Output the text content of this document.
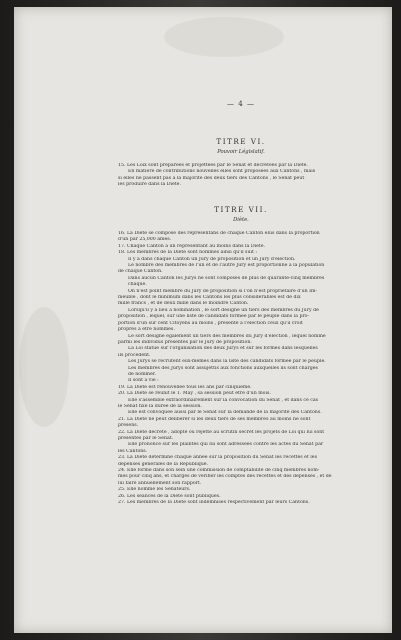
— 4 —
TITRE VI.
Pouvoir Législatif.
15. Les Loix sont préparées et projettées par le Sénat et décrétées par la Diète.
En matière de contributions nouvelles elles sont proposées aux Cantons , mais
si elles ne passent pas à la majorité des deux tiers des Cantons , le Sénat peut
les produire dans la Diète.
TITRE VII.
Diète.
16. La Diète se compose des représentans de chaque Canton élus dans la proportion
d'un par 25,000 ames.
17. Chaque Canton a un représentant au moins dans la Diète.
18. Les membres de la Diète sont nommés ainsi qu'il suit :
Il y a dans chaque Canton un Jury de proposition et un Jury d'élection.
Le nombre des membres de l'un et de l'autre Jury est proportionné à la population
de chaque Canton.
Dans aucun Canton les Jurys ne sont composés de plus de quarante-cinq membres
chaque.
On n'est point membre du Jury de proposition si l'on n'est propriétaire d'un Im-
meuble , dont le minimum dans les Cantons les plus considérables est de dix
mille francs , et de deux mille dans le moindre Canton.
Lorsqu'il y a lieu à nomination , le sort désigne un tiers des membres du Jury de
proposition , lequel, sur une liste de candidats formée par le peuple dans la pro-
portion d'un sur cent Citoyens au moins , présente à l'élection ceux qu'il croit
propres à être nommés.
Le sort désigne également un tiers des membres du Jury d'élection , lequel nomme
parmi les individus présentés par le Jury de proposition.
La Loi statue sur l'organisation des deux Jurys et sur les formes dans lesquelles
ils procèdent.
Les Jurys se recrutent eux-mêmes dans la liste des candidats formée par le peuple.
Les membres des Jurys sont assujettis aux fonctions auxquelles ils sont chargés
de nommer.
Il sont à vie :
19. La Diète est renouvellée tous les ans par cinquième.
20. La Diète se réunit le 1. May , sa session peut être d'un mois.
Elle s'assemble extraordinairement sur la convocation du Sénat , et dans ce cas
le Sénat fixe la durée de la session.
Elle est convoquée aussi par le Sénat sur la demande de la majorité des Cantons.
21. La Diète ne peut délibérer si les deux tiers de ses membres au moins ne sont
présens.
22. La Diète décrète , adopte ou rejette au scrutin secret les projets de Loi qui lui sont
présentés par le Sénat.
Elle prononce sur les plaintes qui lui sont adressées contre les actes du Sénat par
les Cantons.
23. La Diète détermine chaque année sur la proposition du Sénat les recettes et les
dépenses générales de la République.
24. Elle forme dans son sein une commission de comptabilité de cinq membres nom-
més pour cinq ans, et chargés de vérifier les comptes des recettes et des dépenses , et de
lui faire annuellement son rapport.
25. Elle nomme les Sénateurs.
26. Les séances de la Diète sont publiques.
27. Les membres de la Diète sont indemnisés respectivement par leurs Cantons.
